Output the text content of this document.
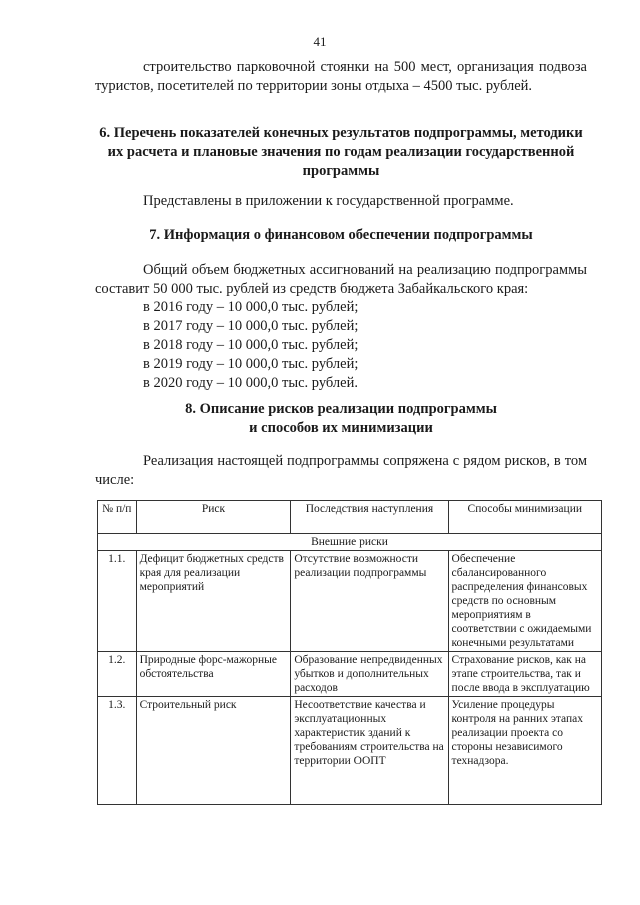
41

строительство парковочной стоянки на 500 мест, организация подвоза туристов, посетителей по территории зоны отдыха – 4500 тыс. рублей.

6. Перечень показателей конечных результатов подпрограммы, методики их расчета и плановые значения по годам реализации государственной программы

Представлены в приложении к государственной программе.

7. Информация о финансовом обеспечении подпрограммы

Общий объем бюджетных ассигнований на реализацию подпрограммы составит 50 000 тыс. рублей из средств бюджета Забайкальского края:

в 2016 году – 10 000,0 тыс. рублей;
в 2017 году – 10 000,0 тыс. рублей;
в 2018 году – 10 000,0 тыс. рублей;
в 2019 году – 10 000,0 тыс. рублей;
в 2020 году – 10 000,0 тыс. рублей.
8. Описание рисков реализации подпрограммы
и способов их минимизации

Реализация настоящей подпрограммы сопряжена с рядом рисков, в том числе:

№ п/п	Риск	Последствия наступления	Способы минимизации
Внешние риски			
1.1.	Дефицит бюджетных средств края для реализации мероприятий	Отсутствие возможности реализации подпрограммы	Обеспечение сбалансированного распределения финансовых средств по основным мероприятиям в соответствии с ожидаемыми конечными результатами
1.2.	Природные форс-мажорные обстоятельства	Образование непредвиденных убытков и дополнительных расходов	Страхование рисков, как на этапе строительства, так и после ввода в эксплуатацию
1.3.	Строительный риск	Несоответствие качества и эксплуатационных характеристик зданий к требованиям строительства на территории ООПТ	Усиление процедуры контроля на ранних этапах реализации проекта со стороны независимого технадзора.
